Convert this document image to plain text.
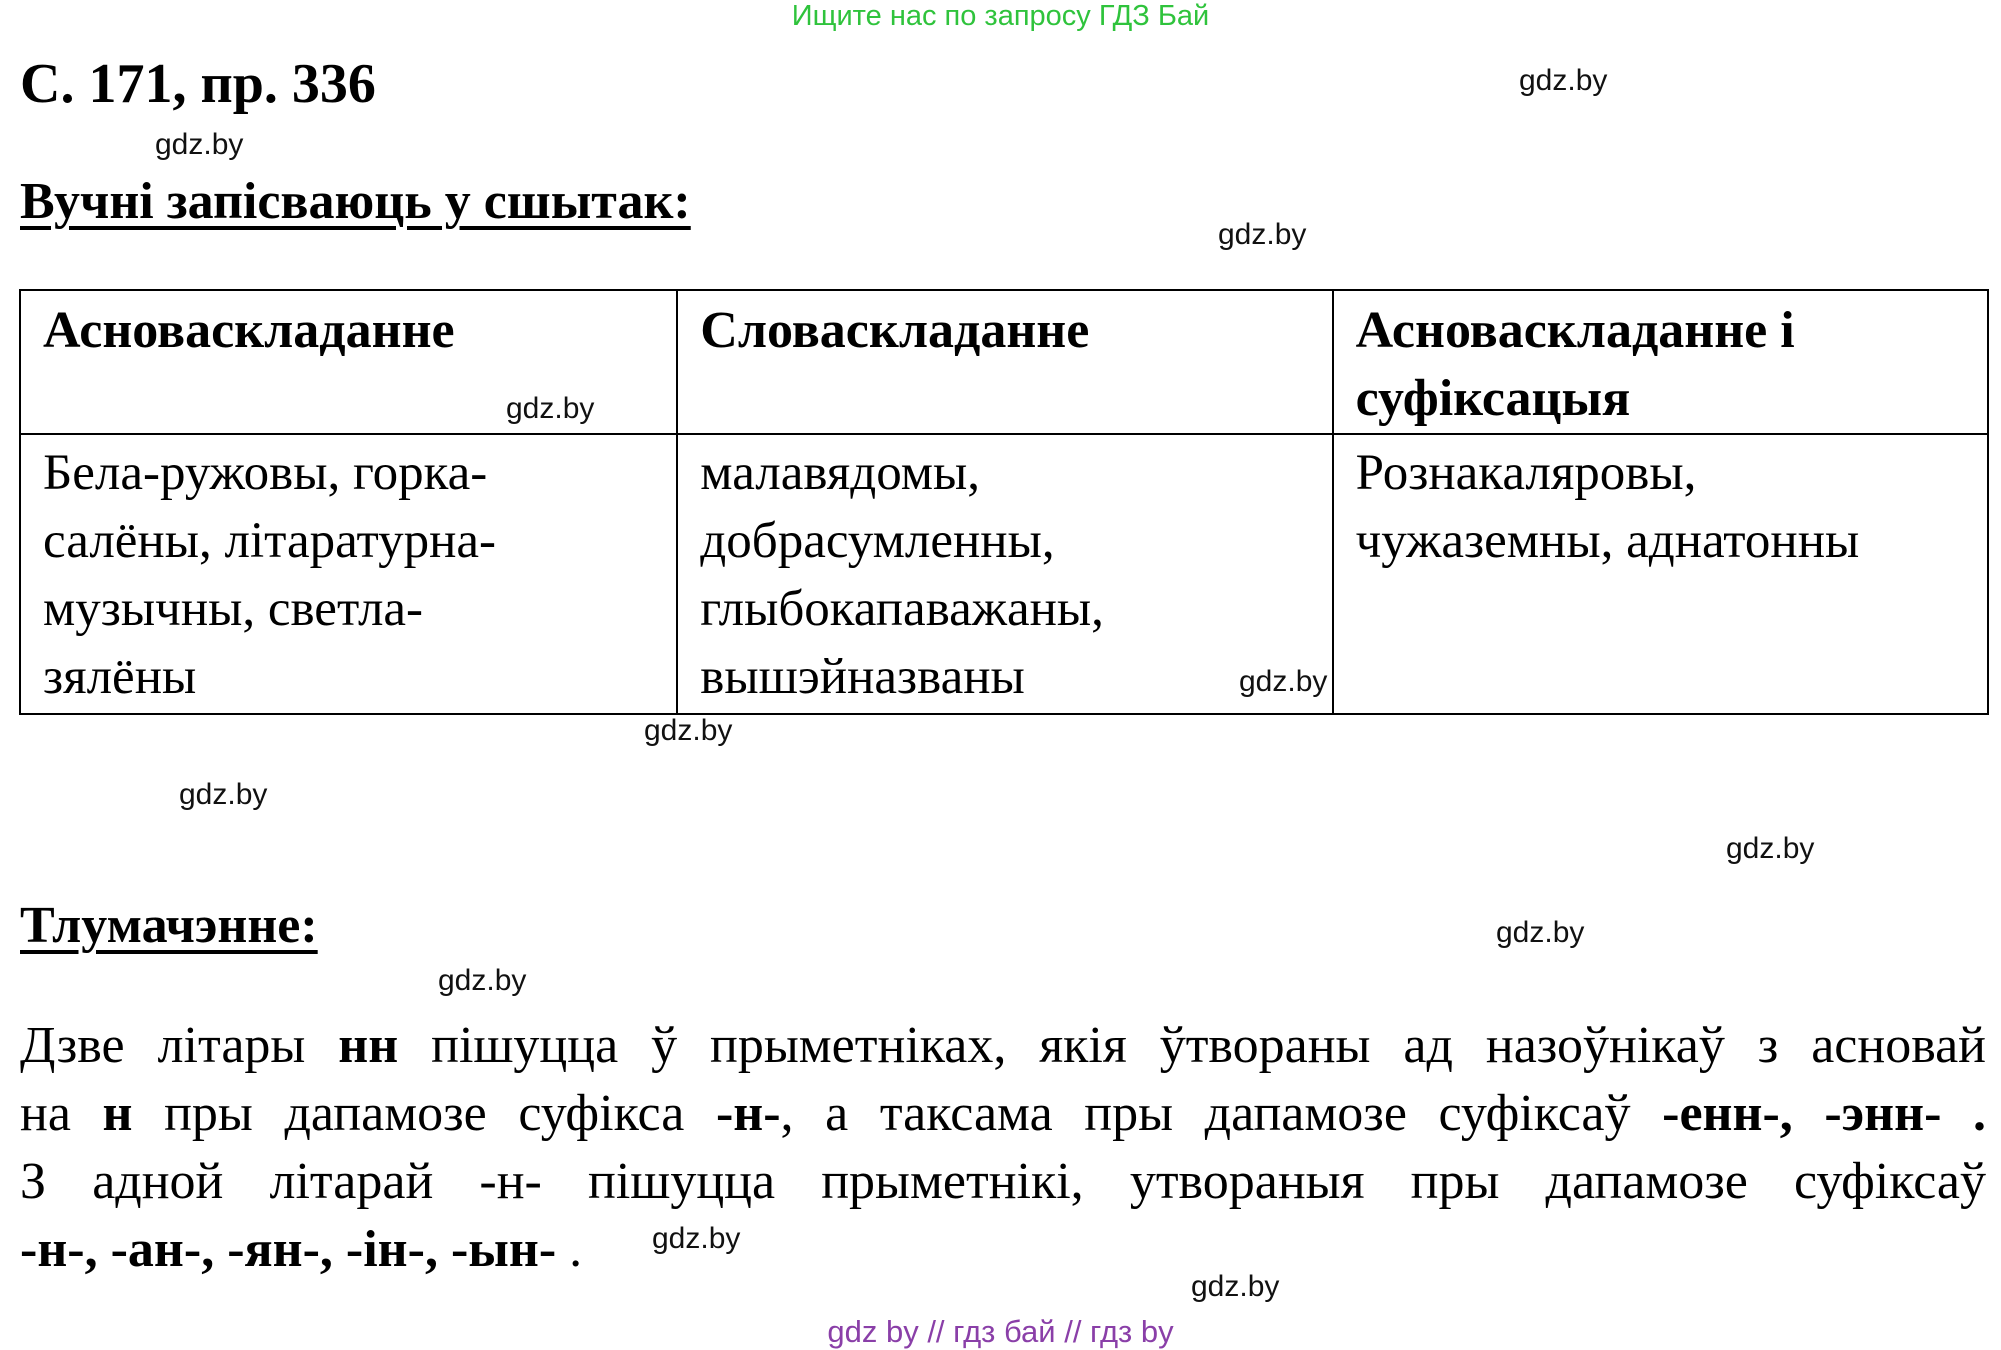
Ищите нас по запросу ГДЗ Бай
С. 171, пр. 336
Вучні запісваюць у сшытак:
Асноваскладанне	Словаскладанне	Асноваскладанне і суфіксацыя

Бела-ружовы, горка-
салёны, літаратурна-
музычны, светла-
зялёны	малавядомы,
добрасумленны,
глыбокапаважаны,
вышэйназваны	Рознакаляровы,
чужаземны, аднатонны
Тлумачэнне:
Дзве літары нн пішуцца ў прыметніках, якія ўтвораны ад назоўнікаў з асновай
на н пры дапамозе суфікса -н-, а таксама пры дапамозе суфіксаў -енн-, -энн- .
З адной літарай -н- пішуцца прыметнікі, утвораныя пры дапамозе суфіксаў
-н-, -ан-, -ян-, -ін-, -ын- .
gdz.by
gdz.by
gdz.by
gdz.by
gdz.by
gdz.by
gdz.by
gdz.by
gdz.by
gdz.by
gdz.by
gdz.by
gdz by // гдз бай // гдз by
